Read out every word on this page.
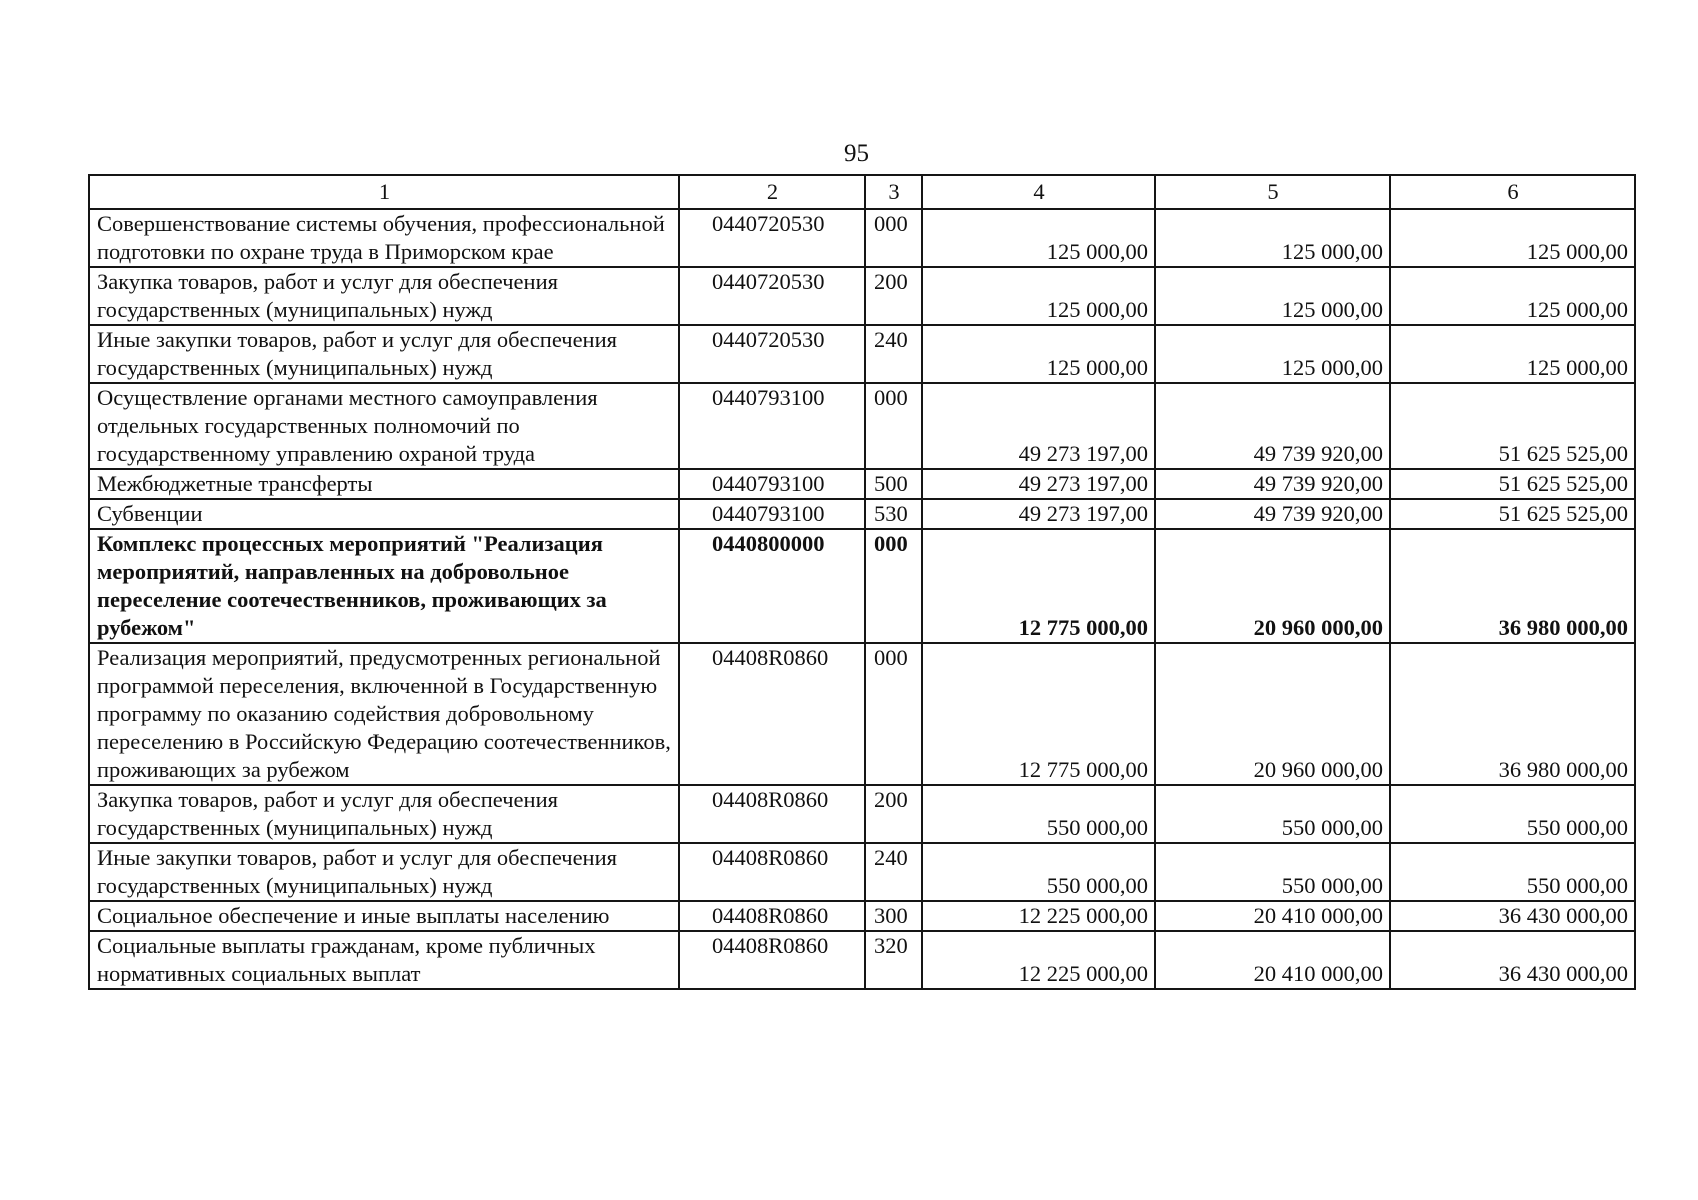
95
1	2	3	4	5	6
Совершенствование системы обучения, профессиональной подготовки по охране труда в Приморском крае	0440720530	000	125 000,00	125 000,00	125 000,00
Закупка товаров, работ и услуг для обеспечения государственных (муниципальных) нужд	0440720530	200	125 000,00	125 000,00	125 000,00
Иные закупки товаров, работ и услуг для обеспечения государственных (муниципальных) нужд	0440720530	240	125 000,00	125 000,00	125 000,00
Осуществление органами местного самоуправления отдельных государственных полномочий по государственному управлению охраной труда	0440793100	000	49 273 197,00	49 739 920,00	51 625 525,00
Межбюджетные трансферты	0440793100	500	49 273 197,00	49 739 920,00	51 625 525,00
Субвенции	0440793100	530	49 273 197,00	49 739 920,00	51 625 525,00
Комплекс процессных мероприятий "Реализация мероприятий, направленных на добровольное переселение соотечественников, проживающих за рубежом"	0440800000	000	12 775 000,00	20 960 000,00	36 980 000,00
Реализация мероприятий, предусмотренных региональной программой переселения, включенной в Государственную программу по оказанию содействия добровольному переселению в Российскую Федерацию соотечественников, проживающих за рубежом	04408R0860	000	12 775 000,00	20 960 000,00	36 980 000,00
Закупка товаров, работ и услуг для обеспечения государственных (муниципальных) нужд	04408R0860	200	550 000,00	550 000,00	550 000,00
Иные закупки товаров, работ и услуг для обеспечения государственных (муниципальных) нужд	04408R0860	240	550 000,00	550 000,00	550 000,00
Социальное обеспечение и иные выплаты населению	04408R0860	300	12 225 000,00	20 410 000,00	36 430 000,00
Социальные выплаты гражданам, кроме публичных нормативных социальных выплат	04408R0860	320	12 225 000,00	20 410 000,00	36 430 000,00
